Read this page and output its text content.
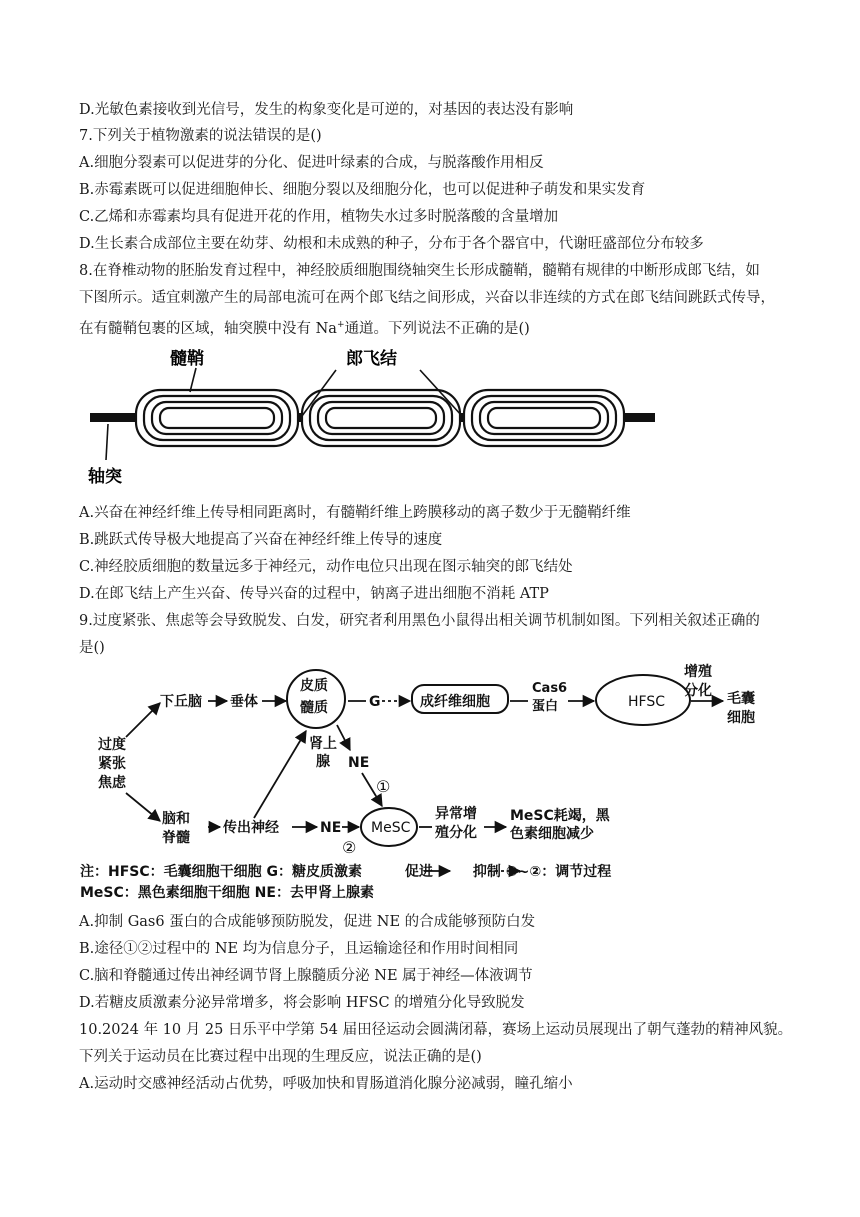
D.光敏色素接收到光信号，发生的构象变化是可逆的，对基因的表达没有影响
7.下列关于植物激素的说法错误的是()
A.细胞分裂素可以促进芽的分化、促进叶绿素的合成，与脱落酸作用相反
B.赤霉素既可以促进细胞伸长、细胞分裂以及细胞分化，也可以促进种子萌发和果实发育
C.乙烯和赤霉素均具有促进开花的作用，植物失水过多时脱落酸的含量增加
D.生长素合成部位主要在幼芽、幼根和未成熟的种子，分布于各个器官中，代谢旺盛部位分布较多
8.在脊椎动物的胚胎发育过程中，神经胶质细胞围绕轴突生长形成髓鞘，髓鞘有规律的中断形成郎飞结，如
下图所示。适宜刺激产生的局部电流可在两个郎飞结之间形成，兴奋以非连续的方式在郎飞结间跳跃式传导，
在有髓鞘包裹的区域，轴突膜中没有 Na+通道。下列说法不正确的是()
髓鞘	郎飞结
轴突
A.兴奋在神经纤维上传导相同距离时，有髓鞘纤维上跨膜移动的离子数少于无髓鞘纤维
B.跳跃式传导极大地提高了兴奋在神经纤维上传导的速度
C.神经胶质细胞的数量远多于神经元，动作电位只出现在图示轴突的郎飞结处
D.在郎飞结上产生兴奋、传导兴奋的过程中，钠离子进出细胞不消耗 ATP
9.过度紧张、焦虑等会导致脱发、白发，研究者利用黑色小鼠得出相关调节机制如图。下列相关叙述正确的
是()
过度
紧张
焦虑
下丘脑 垂体
皮质
髓质	G	成纤维细胞
Cas6
蛋白	HFSC
增殖
分化 毛囊
细胞
肾上
腺 NE
①
脑和
脊髓
传出神经	NE
②
MeSC
异常增
殖分化
MeSC耗竭，黑
色素细胞减少
注：HFSC：毛囊细胞干细胞 G：糖皮质激素	促进	抑制 ①~②：调节过程
MeSC：黑色素细胞干细胞 NE：去甲肾上腺素
A.抑制 Gas6 蛋白的合成能够预防脱发，促进 NE 的合成能够预防白发
B.途径①②过程中的 NE 均为信息分子，且运输途径和作用时间相同
C.脑和脊髓通过传出神经调节肾上腺髓质分泌 NE 属于神经—体液调节
D.若糖皮质激素分泌异常增多，将会影响 HFSC 的增殖分化导致脱发
10.2024 年 10 月 25 日乐平中学第 54 届田径运动会圆满闭幕，赛场上运动员展现出了朝气蓬勃的精神风貌。
下列关于运动员在比赛过程中出现的生理反应，说法正确的是()
A.运动时交感神经活动占优势，呼吸加快和胃肠道消化腺分泌减弱，瞳孔缩小
